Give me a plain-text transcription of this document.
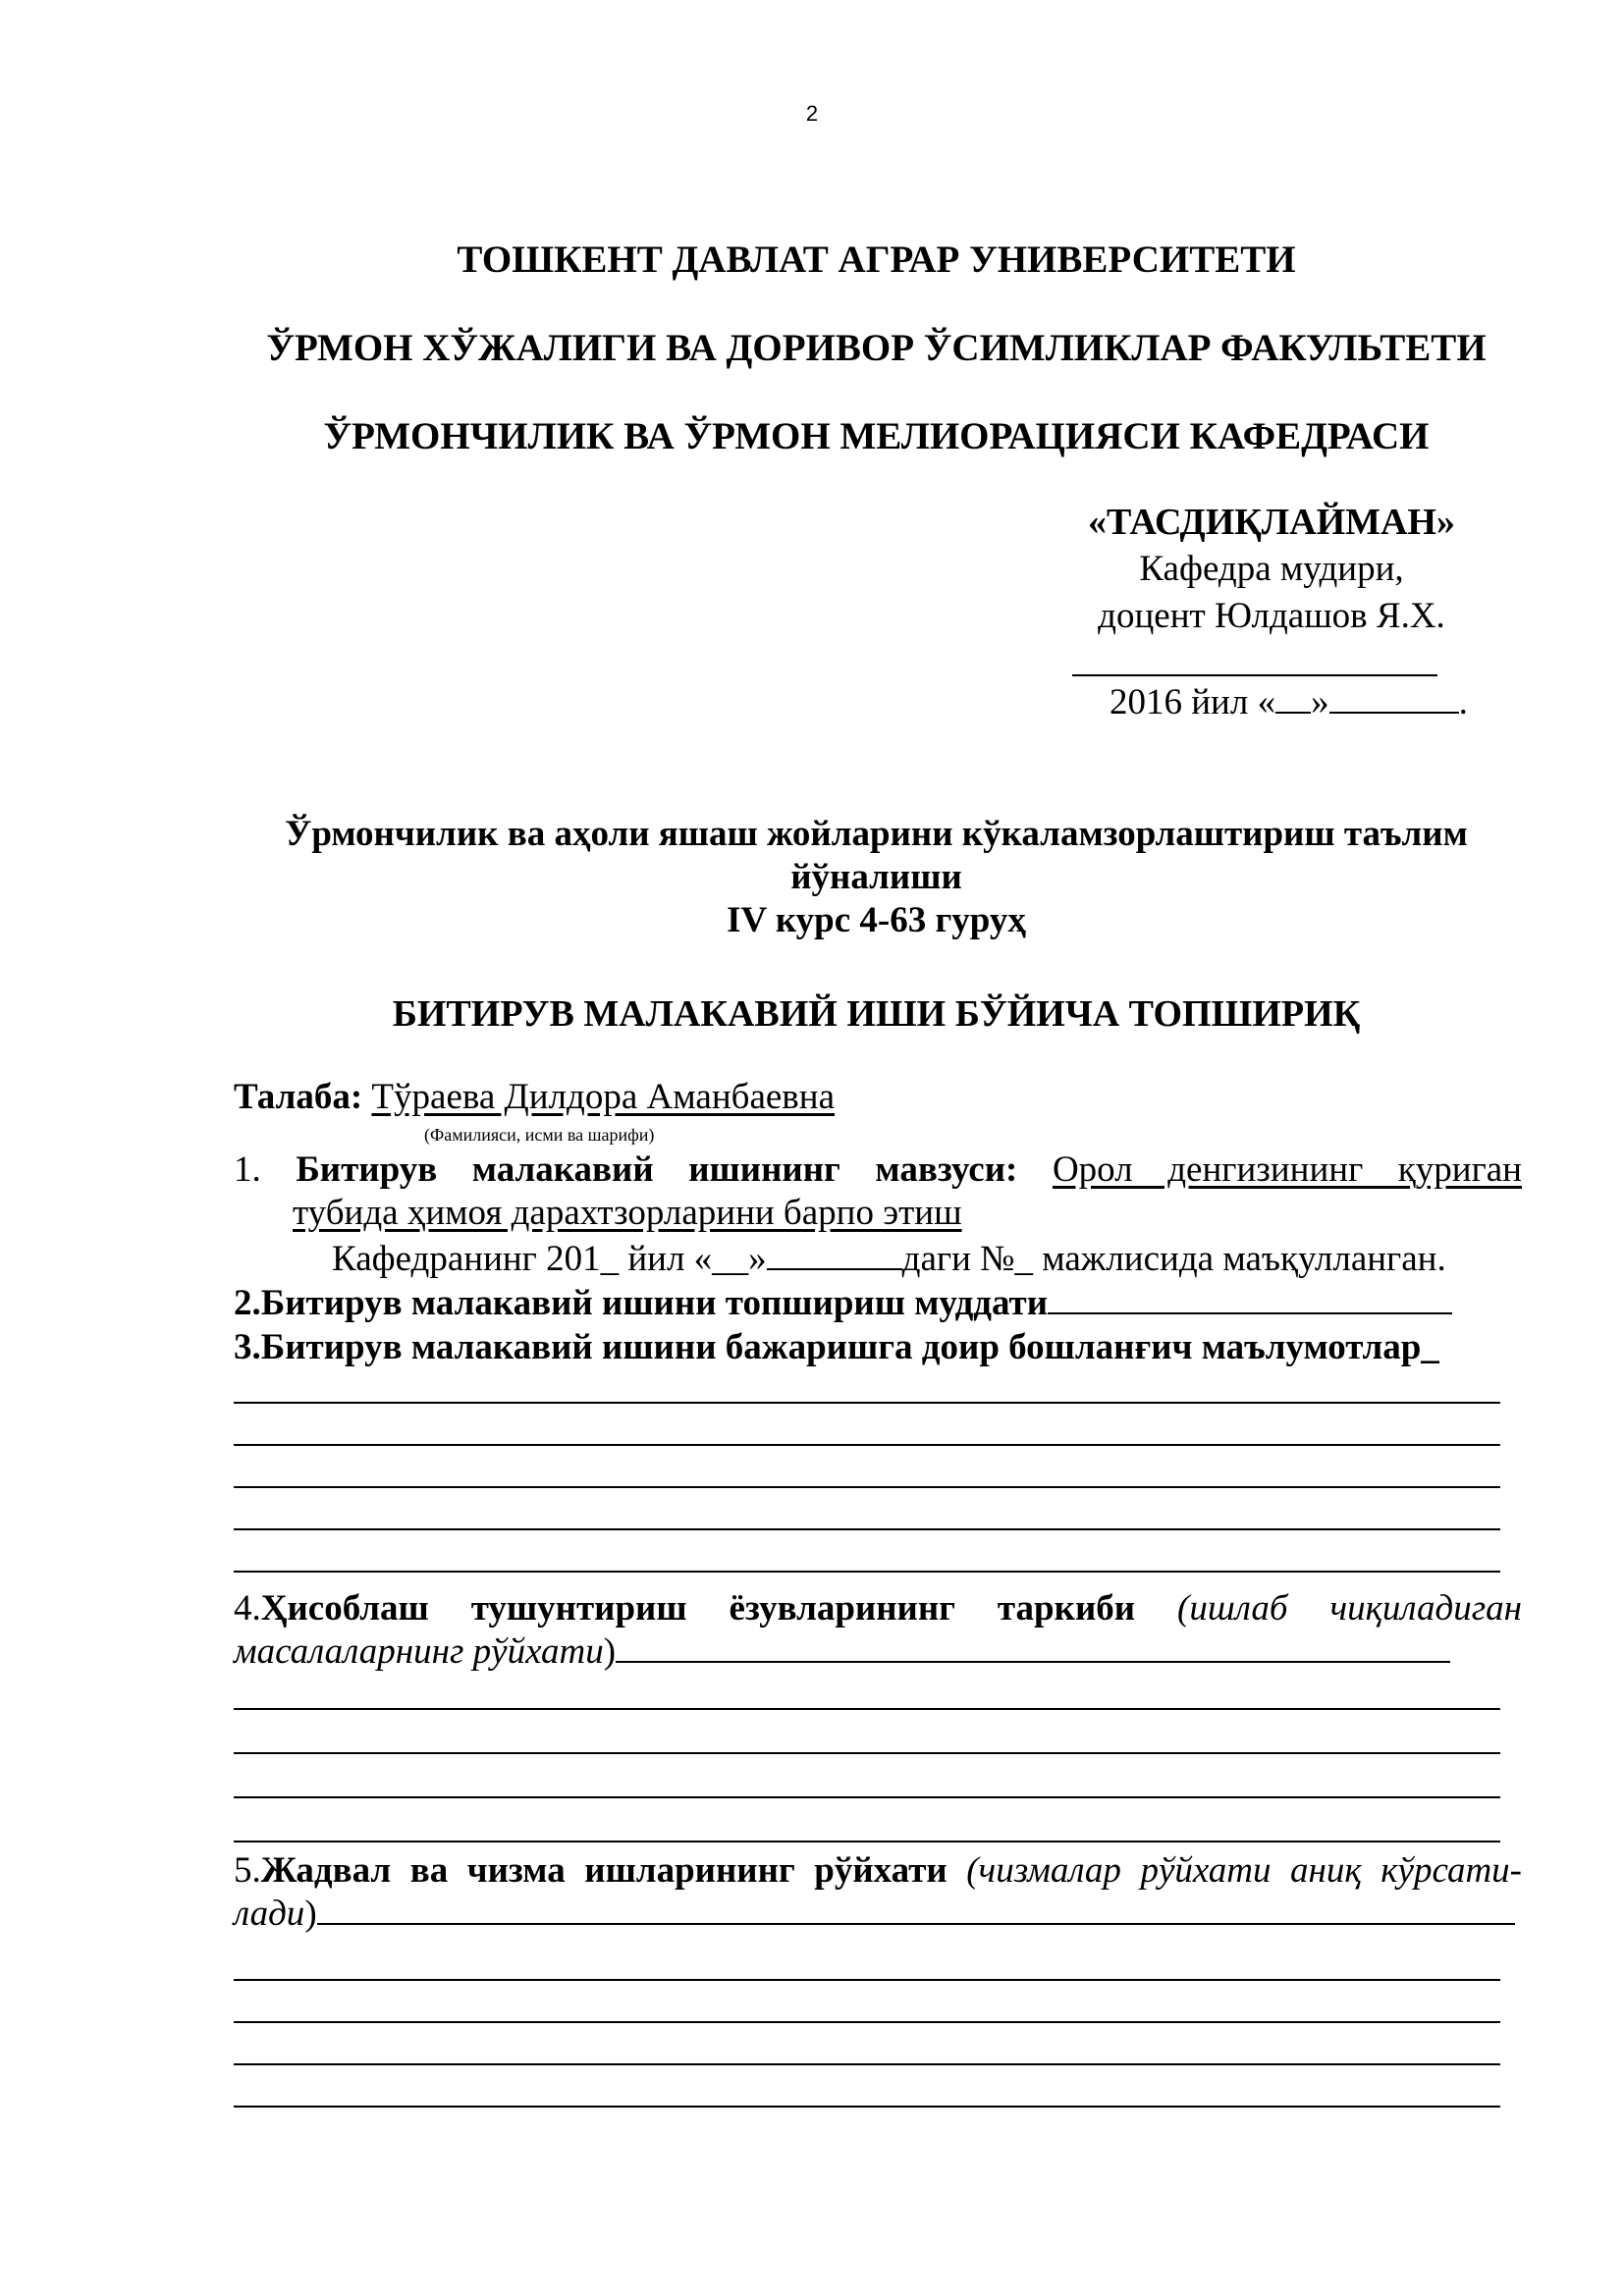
2
ТОШКЕНТ ДАВЛАТ АГРАР УНИВЕРСИТЕТИ
ЎРМОН ХЎЖАЛИГИ ВА ДОРИВОР ЎСИМЛИКЛАР ФАКУЛЬТЕТИ
ЎРМОНЧИЛИК ВА ЎРМОН МЕЛИОРАЦИЯСИ КАФЕДРАСИ
«ТАСДИҚЛАЙМАН»
Кафедра мудири,
доцент Юлдашов Я.Х.
2016 йил « »	.
Ўрмончилик ва аҳоли яшаш жойларини кўкаламзорлаштириш таълим
йўналиши
IV курс 4-63 гуруҳ
БИТИРУВ МАЛАКАВИЙ ИШИ БЎЙИЧА ТОПШИРИҚ
Талаба: Тўраева Дилдора Аманбаевна
(Фамилияси, исми ва шарифи)
1. Битирув малакавий ишининг мавзуси: Орол денгизининг қуриган
тубида ҳимоя дарахтзорларини барпо этиш
Кафедранинг 201_ йил «__»	даги №_ мажлисида маъқулланган.
2.Битирув малакавий ишини топшириш муддати
3.Битирув малакавий ишини бажаришга доир бошланғич маълумотлар_
4.Ҳисоблаш тушунтириш ёзувларининг таркиби (ишлаб чиқиладиган
масалаларнинг рўйхати)
5.Жадвал ва чизма ишларининг рўйхати (чизмалар рўйхати аниқ кўрсати-
лади)
